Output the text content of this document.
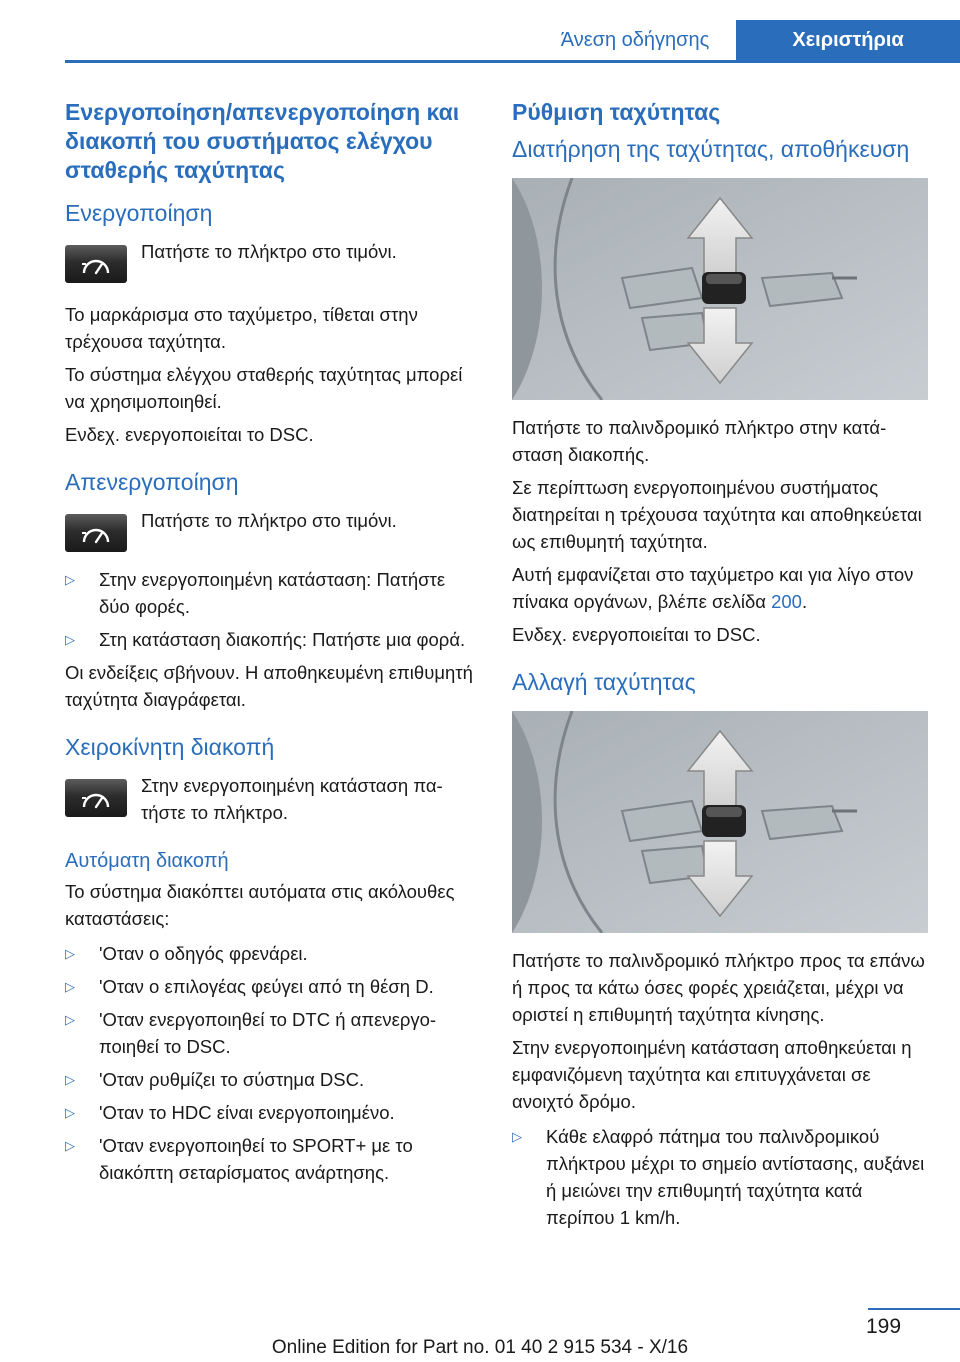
Άνεση οδήγησης	Χειριστήρια
Ενεργοποίηση/απενεργοποίηση και διακοπή του συστήματος ελέγχου σταθερής ταχύτητας
Ενεργοποίηση
Πατήστε το πλήκτρο στο τιμόνι.

Το μαρκάρισμα στο ταχύμετρο, τίθεται στην τρέχουσα ταχύτητα.

Το σύστημα ελέγχου σταθερής ταχύτητας μπορεί να χρησιμοποιηθεί.

Ενδεχ. ενεργοποιείται το DSC.

Απενεργοποίηση
Πατήστε το πλήκτρο στο τιμόνι.
▷	Στην ενεργοποιημένη κατάσταση: Πατήστε δύο φορές.
▷	Στη κατάσταση διακοπής: Πατήστε μια φορά.

Οι ενδείξεις σβήνουν. Η αποθηκευμένη επιθυμητή ταχύτητα διαγράφεται.

Χειροκίνητη διακοπή
Στην ενεργοποιημένη κατάσταση πατήστε το πλήκτρο.
Αυτόματη διακοπή

Το σύστημα διακόπτει αυτόματα στις ακόλουθες καταστάσεις:

▷	'Οταν ο οδηγός φρενάρει.
▷	'Οταν ο επιλογέας φεύγει από τη θέση D.
▷	'Οταν ενεργοποιηθεί το DTC ή απενεργοποιηθεί το DSC.
▷	'Οταν ρυθμίζει το σύστημα DSC.
▷	'Οταν το HDC είναι ενεργοποιημένο.
▷	'Οταν ενεργοποιηθεί το SPORT+ με το διακόπτη σεταρίσματος ανάρτησης.
Ρύθμιση ταχύτητας
Διατήρηση της ταχύτητας, αποθήκευση

Πατήστε το παλινδρομικό πλήκτρο στην κατάσταση διακοπής.

Σε περίπτωση ενεργοποιημένου συστήματος διατηρείται η τρέχουσα ταχύτητα και αποθηκεύεται ως επιθυμητή ταχύτητα.

Αυτή εμφανίζεται στο ταχύμετρο και για λίγο στον πίνακα οργάνων, βλέπε σελίδα 200.

Ενδεχ. ενεργοποιείται το DSC.

Αλλαγή ταχύτητας

Πατήστε το παλινδρομικό πλήκτρο προς τα επάνω ή προς τα κάτω όσες φορές χρειάζεται, μέχρι να οριστεί η επιθυμητή ταχύτητα κίνησης.

Στην ενεργοποιημένη κατάσταση αποθηκεύεται η εμφανιζόμενη ταχύτητα και επιτυγχάνεται σε ανοιχτό δρόμο.

▷	Κάθε ελαφρό πάτημα του παλινδρομικού πλήκτρου μέχρι το σημείο αντίστασης, αυξάνει ή μειώνει την επιθυμητή ταχύτητα κατά περίπου 1 km/h.
199
Online Edition for Part no. 01 40 2 915 534 - X/16
